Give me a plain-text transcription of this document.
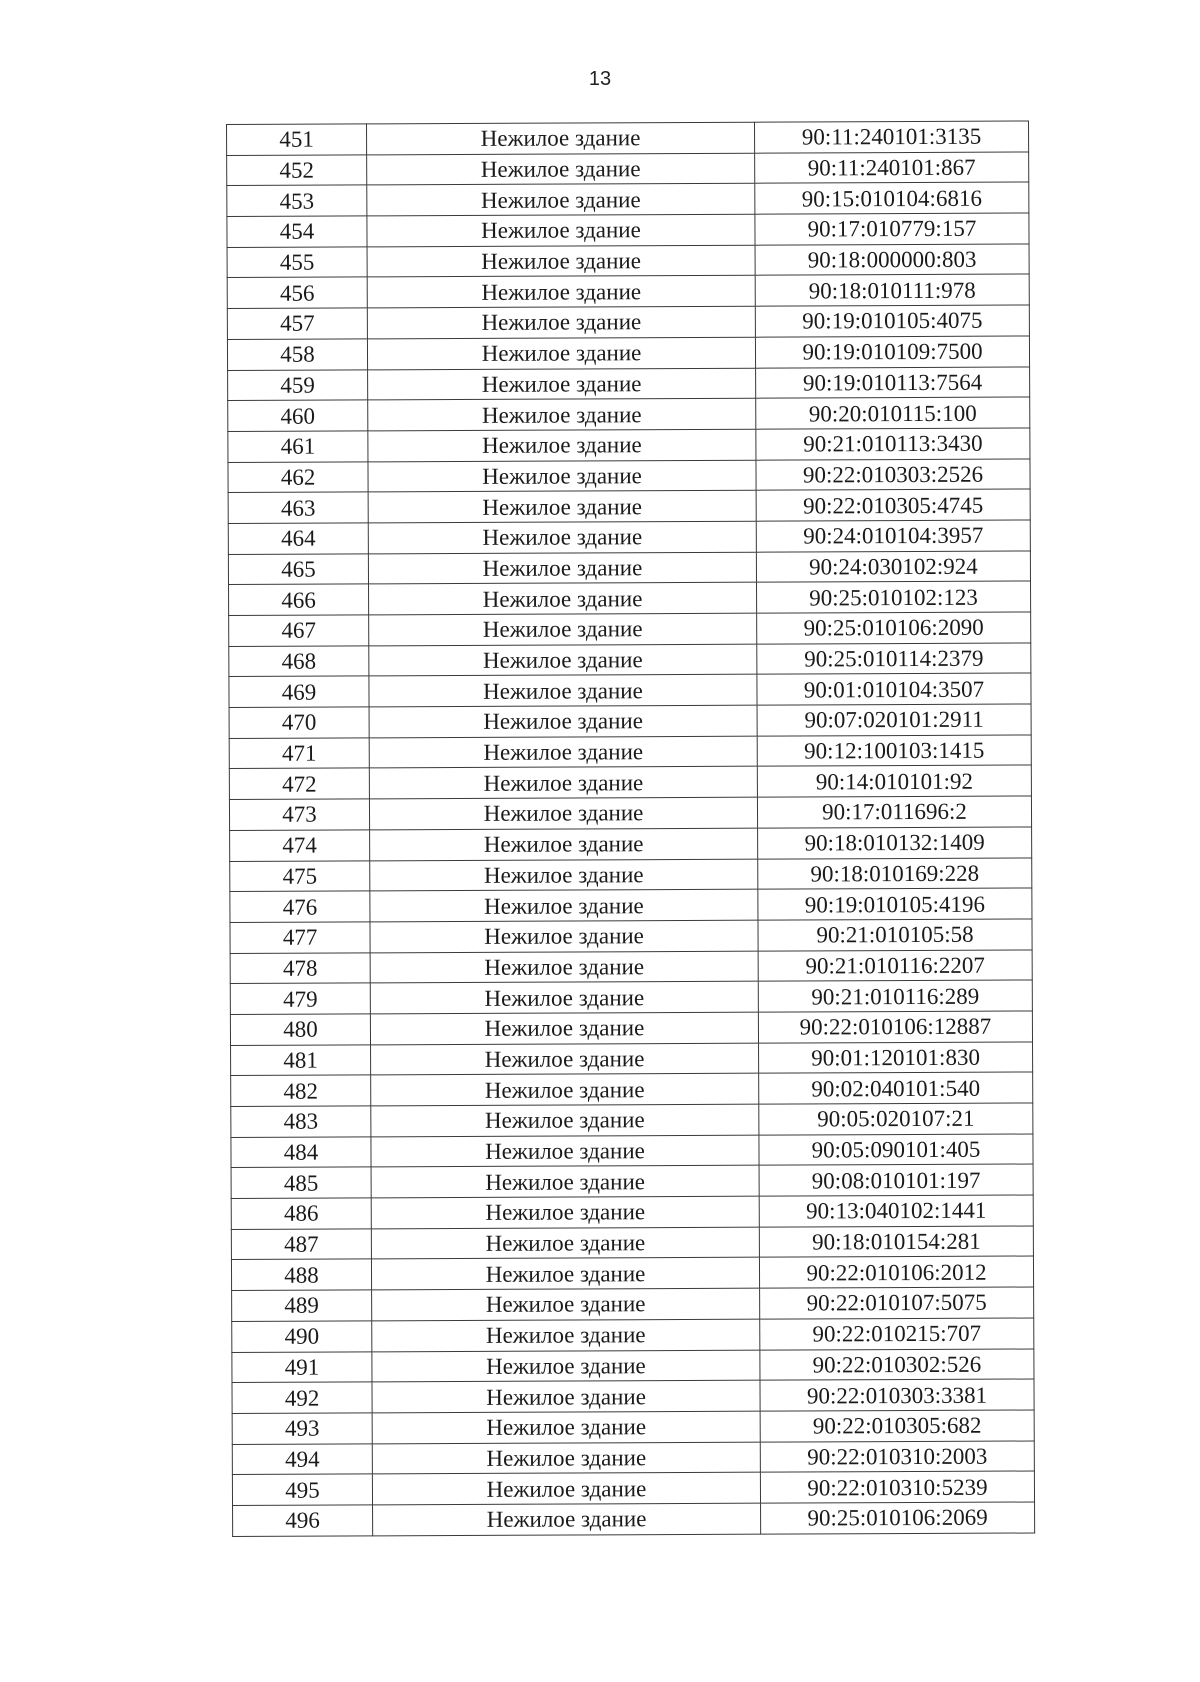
13
451	Нежилое здание	90:11:240101:3135
452	Нежилое здание	90:11:240101:867
453	Нежилое здание	90:15:010104:6816
454	Нежилое здание	90:17:010779:157
455	Нежилое здание	90:18:000000:803
456	Нежилое здание	90:18:010111:978
457	Нежилое здание	90:19:010105:4075
458	Нежилое здание	90:19:010109:7500
459	Нежилое здание	90:19:010113:7564
460	Нежилое здание	90:20:010115:100
461	Нежилое здание	90:21:010113:3430
462	Нежилое здание	90:22:010303:2526
463	Нежилое здание	90:22:010305:4745
464	Нежилое здание	90:24:010104:3957
465	Нежилое здание	90:24:030102:924
466	Нежилое здание	90:25:010102:123
467	Нежилое здание	90:25:010106:2090
468	Нежилое здание	90:25:010114:2379
469	Нежилое здание	90:01:010104:3507
470	Нежилое здание	90:07:020101:2911
471	Нежилое здание	90:12:100103:1415
472	Нежилое здание	90:14:010101:92
473	Нежилое здание	90:17:011696:2
474	Нежилое здание	90:18:010132:1409
475	Нежилое здание	90:18:010169:228
476	Нежилое здание	90:19:010105:4196
477	Нежилое здание	90:21:010105:58
478	Нежилое здание	90:21:010116:2207
479	Нежилое здание	90:21:010116:289
480	Нежилое здание	90:22:010106:12887
481	Нежилое здание	90:01:120101:830
482	Нежилое здание	90:02:040101:540
483	Нежилое здание	90:05:020107:21
484	Нежилое здание	90:05:090101:405
485	Нежилое здание	90:08:010101:197
486	Нежилое здание	90:13:040102:1441
487	Нежилое здание	90:18:010154:281
488	Нежилое здание	90:22:010106:2012
489	Нежилое здание	90:22:010107:5075
490	Нежилое здание	90:22:010215:707
491	Нежилое здание	90:22:010302:526
492	Нежилое здание	90:22:010303:3381
493	Нежилое здание	90:22:010305:682
494	Нежилое здание	90:22:010310:2003
495	Нежилое здание	90:22:010310:5239
496	Нежилое здание	90:25:010106:2069
